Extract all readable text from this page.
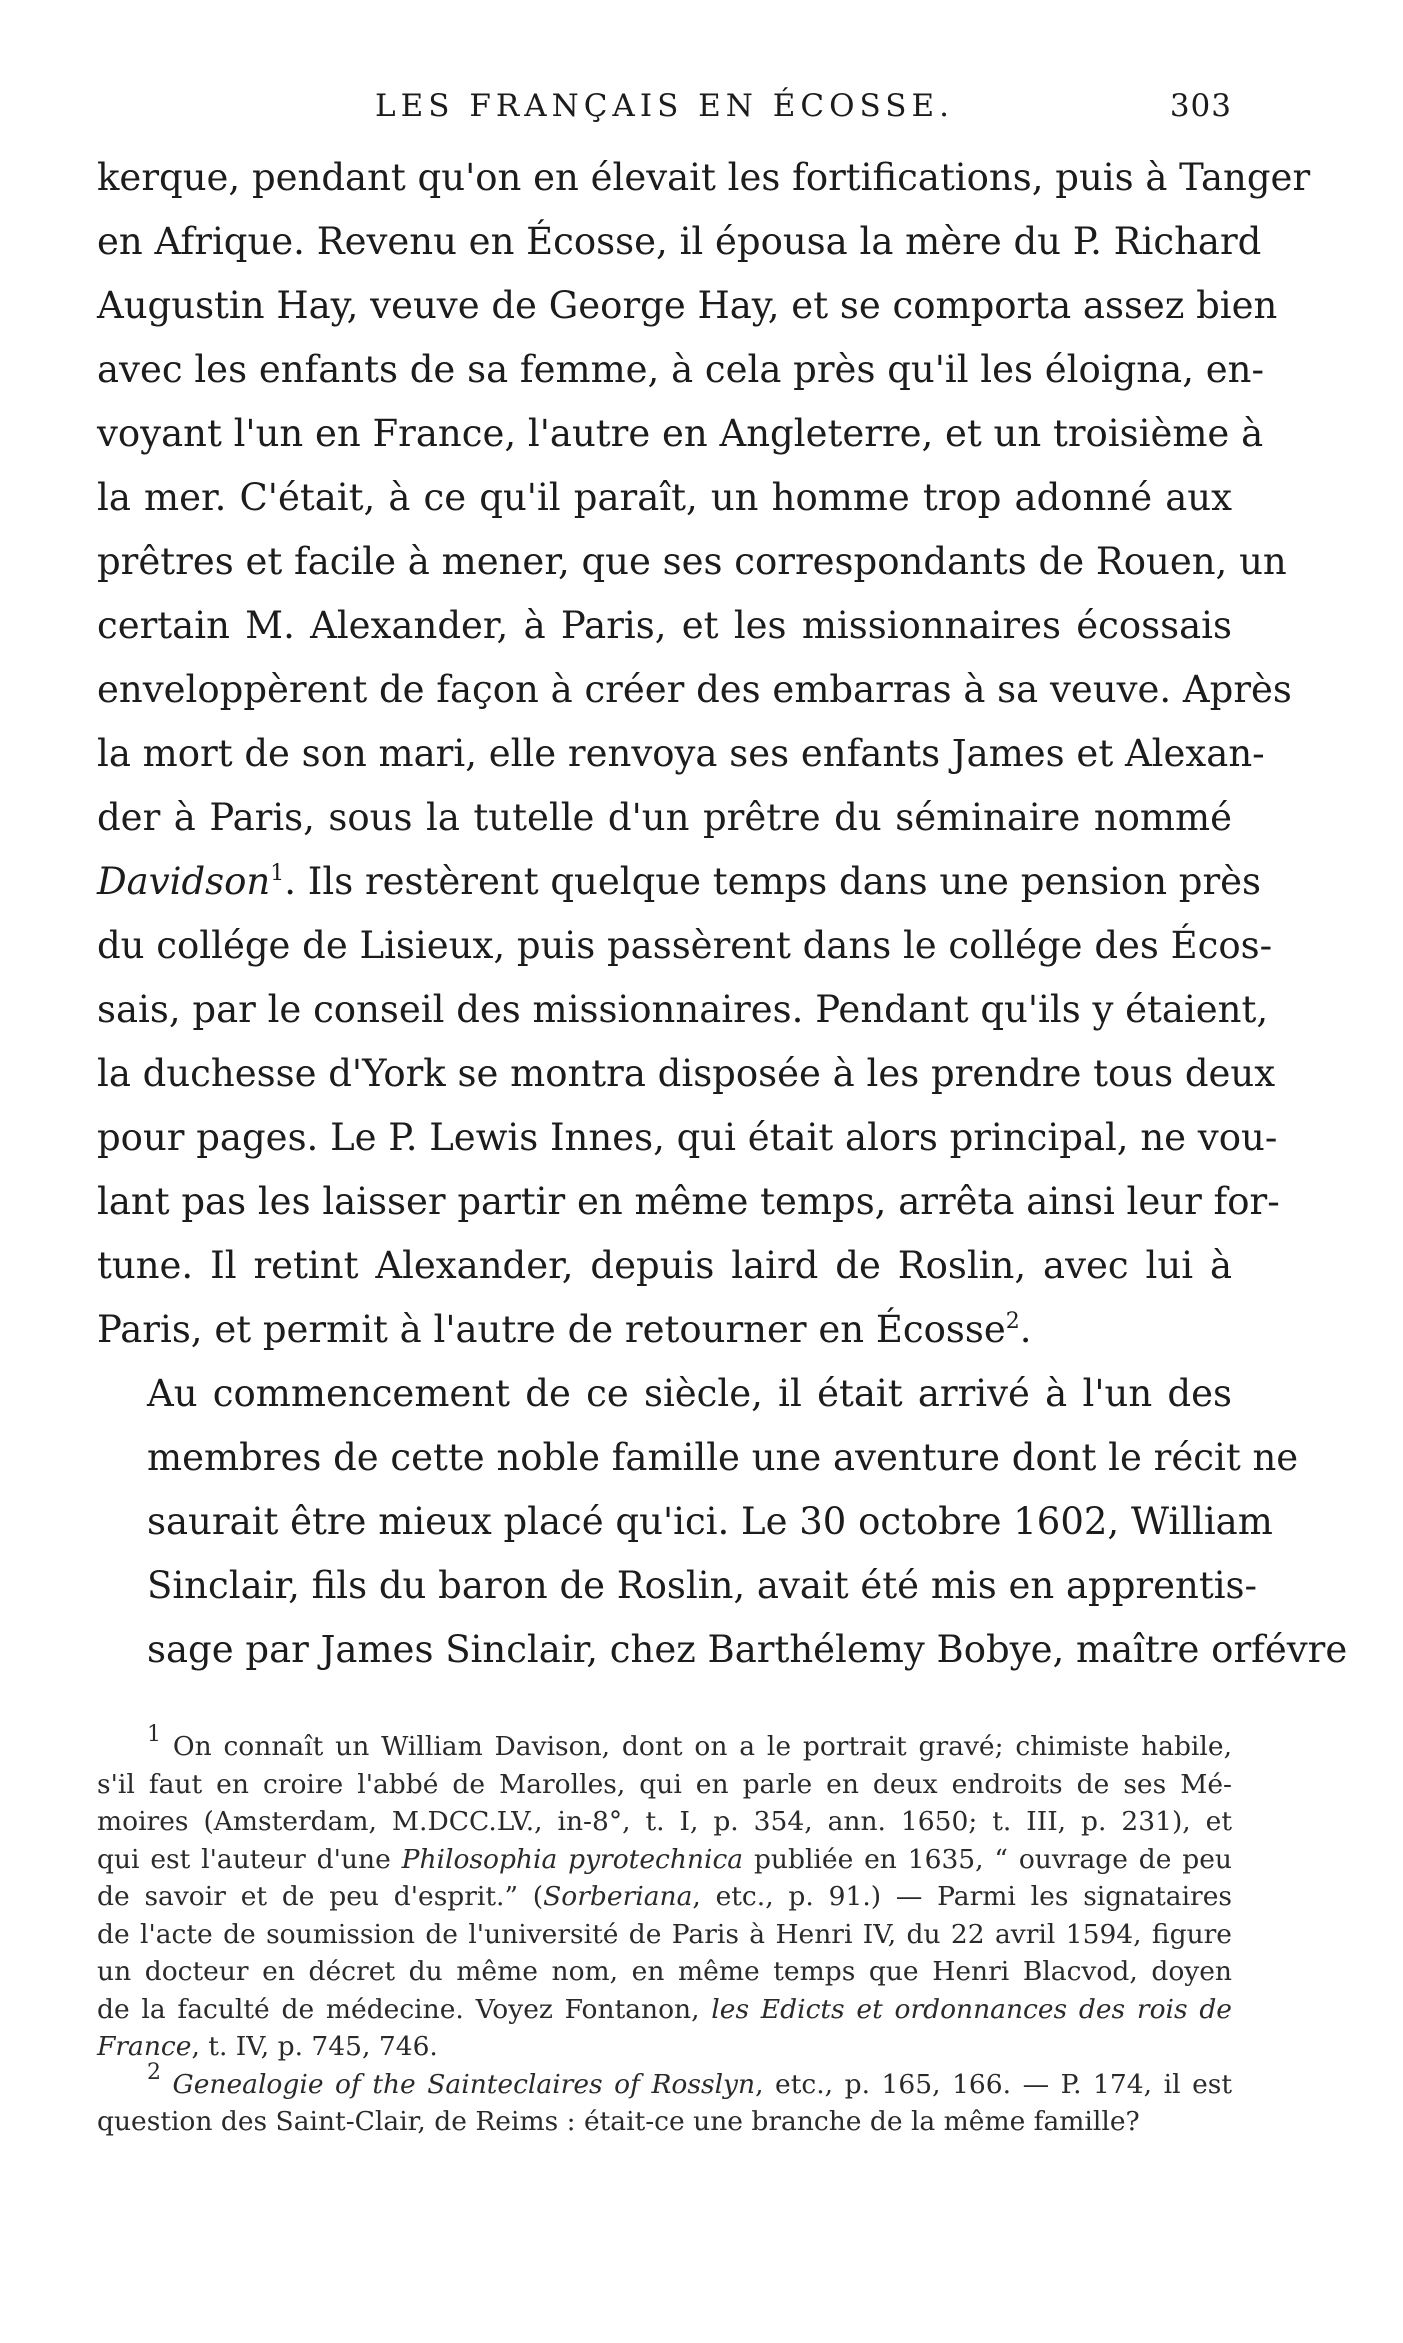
LES FRANÇAIS EN ÉCOSSE.	303

kerque, pendant qu'on en élevait les fortifications, puis à Tanger
en Afrique. Revenu en Écosse, il épousa la mère du P. Richard
Augustin Hay, veuve de George Hay, et se comporta assez bien
avec les enfants de sa femme, à cela près qu'il les éloigna, en-
voyant l'un en France, l'autre en Angleterre, et un troisième à
la mer. C'était, à ce qu'il paraît, un homme trop adonné aux
prêtres et facile à mener, que ses correspondants de Rouen, un
certain M. Alexander, à Paris, et les missionnaires écossais
enveloppèrent de façon à créer des embarras à sa veuve. Après
la mort de son mari, elle renvoya ses enfants James et Alexan-
der à Paris, sous la tutelle d'un prêtre du séminaire nommé
Davidson$^1$. Ils restèrent quelque temps dans une pension près
du collége de Lisieux, puis passèrent dans le collége des Écos-
sais, par le conseil des missionnaires. Pendant qu'ils y étaient,
la duchesse d'York se montra disposée à les prendre tous deux
pour pages. Le P. Lewis Innes, qui était alors principal, ne vou-
lant pas les laisser partir en même temps, arrêta ainsi leur for-
tune. Il retint Alexander, depuis laird de Roslin, avec lui à
Paris, et permit à l'autre de retourner en Écosse$^2$.

Au commencement de ce siècle, il était arrivé à l'un des
membres de cette noble famille une aventure dont le récit ne
saurait être mieux placé qu'ici. Le 30 octobre 1602, William
Sinclair, fils du baron de Roslin, avait été mis en apprentis-
sage par James Sinclair, chez Barthélemy Bobye, maître orfévre

$^1$ On connaît un William Davison, dont on a le portrait gravé; chimiste habile,
s'il faut en croire l'abbé de Marolles, qui en parle en deux endroits de ses Mé-
moires (Amsterdam, M.DCC.LV., in-8°, t. I, p. 354, ann. 1650; t. III, p. 231), et
qui est l'auteur d'une Philosophia pyrotechnica publiée en 1635, “ ouvrage de peu
de savoir et de peu d'esprit.” (Sorberiana, etc., p. 91.) — Parmi les signataires
de l'acte de soumission de l'université de Paris à Henri IV, du 22 avril 1594, figure
un docteur en décret du même nom, en même temps que Henri Blacvod, doyen
de la faculté de médecine. Voyez Fontanon, les Edicts et ordonnances des rois de
France, t. IV, p. 745, 746.
$^2$ Genealogie of the Sainteclaires of Rosslyn, etc., p. 165, 166. — P. 174, il est
question des Saint-Clair, de Reims : était-ce une branche de la même famille?
